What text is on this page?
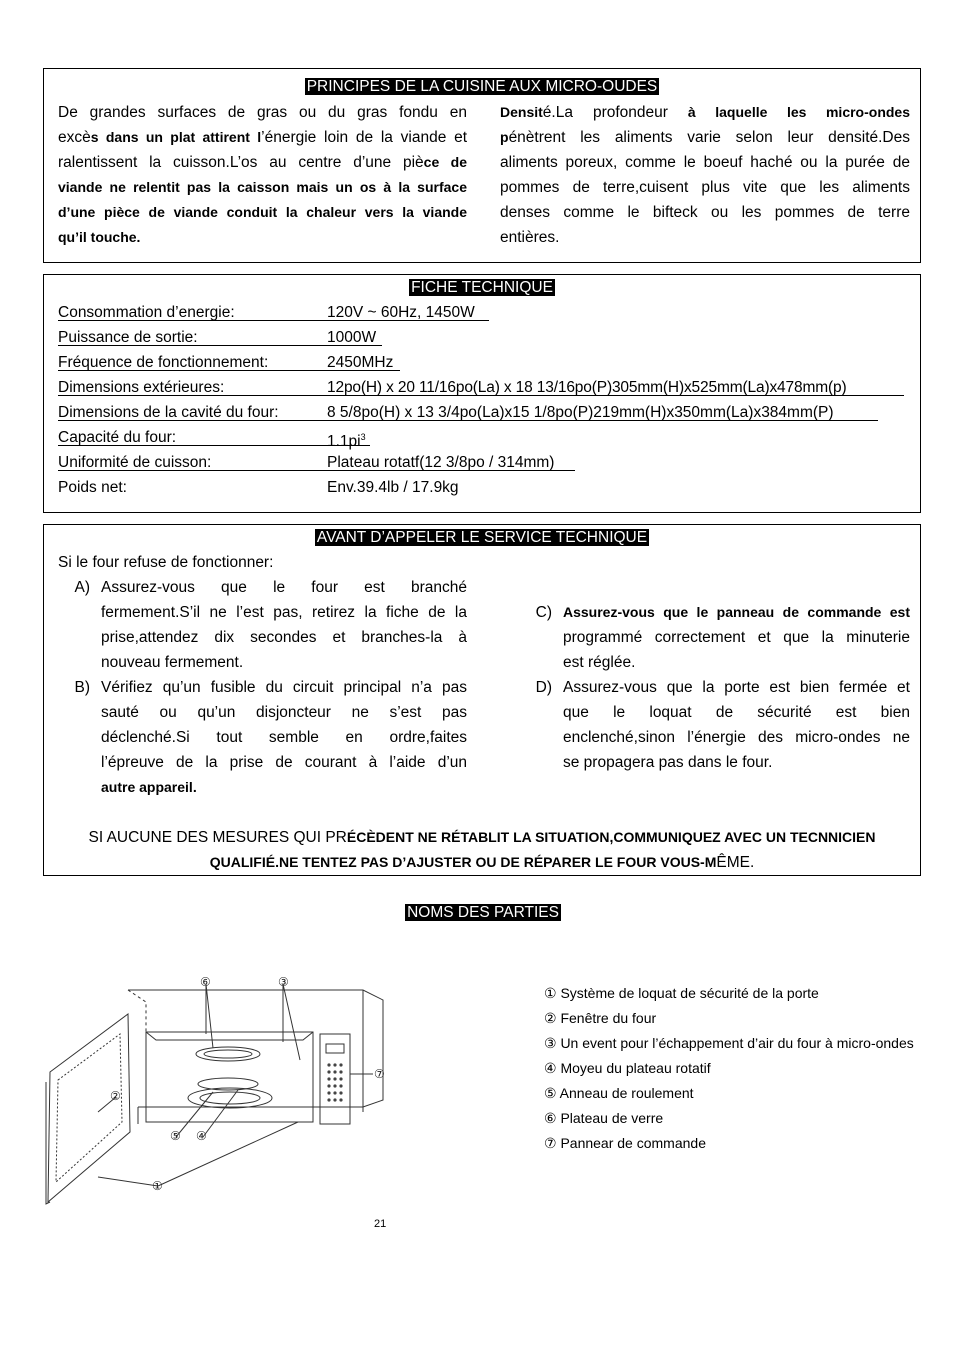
PRINCIPES DE LA CUISINE AUX MICRO-OUDES
De grandes surfaces de gras ou du gras fondu en
excès dans un plat attirent l’énergie loin de la viande et
ralentissent la cuisson.L’os au centre d’une pièce de
viande ne relentit pas la caisson mais un os à la surface
d’une pièce de viande conduit la chaleur vers la viande
qu’il touche.
Densité.La profondeur à laquelle les micro-ondes
pénètrent les aliments varie selon leur densité.Des
aliments poreux, comme le boeuf haché ou la purée de
pommes de terre,cuisent plus vite que les aliments
denses comme le bifteck ou les pommes de terre
entières.
FICHE TECHNIQUE
Consommation d’energie:	120V ~ 60Hz, 1450W
Puissance de sortie:	1000W
Fréquence de fonctionnement:	2450MHz
Dimensions extérieures:	12po(H) x 20 11/16po(La) x 18 13/16po(P)305mm(H)x525mm(La)x478mm(p)
Dimensions de la cavité du four:	8 5/8po(H) x 13 3/4po(La)x15 1/8po(P)219mm(H)x350mm(La)x384mm(P)
Capacité du four:	$1.1pi^3$
Uniformité de cuisson:	Plateau rotatf(12 3/8po / 314mm)
Poids net:	Env.39.4lb / 17.9kg
AVANT D’APPELER LE SERVICE TECHNIQUE
Si le four refuse de fonctionner:
A) Assurez-vous que le four est branché
fermement.S’il ne l’est pas, retirez la fiche de la
prise,attendez dix secondes et branches-la à
nouveau fermement.
B) Vérifiez qu’un fusible du circuit principal n’a pas
sauté ou qu’un disjoncteur ne s’est pas
déclenché.Si tout semble en ordre,faites
l’épreuve de la prise de courant à l’aide d’un
autre appareil.
C) Assurez-vous que le panneau de commande est
programmé correctement et que la minuterie
est réglée.
D) Assurez-vous que la porte est bien fermée et
que le loquat de sécurité est bien
enclenché,sinon l’énergie des micro-ondes ne
se propagera pas dans le four.
SI AUCUNE DES MESURES QUI PRÉCÈDENT NE RÉTABLIT LA SITUATION,COMMUNIQUEZ AVEC UN TECNNICIEN
QUALIFIÉ.NE TENTEZ PAS D’AJUSTER OU DE RÉPARER LE FOUR VOUS-MÊME.
NOMS DES PARTIES
⑥	③
⑦
②
⑤ ④
①
① Système de loquat de sécurité de la porte
② Fenêtre du four
③ Un event pour l’échappement d’air du four à micro-ondes
④ Moyeu du plateau rotatif
⑤ Anneau de roulement
⑥ Plateau de verre
⑦ Pannear de commande
21
